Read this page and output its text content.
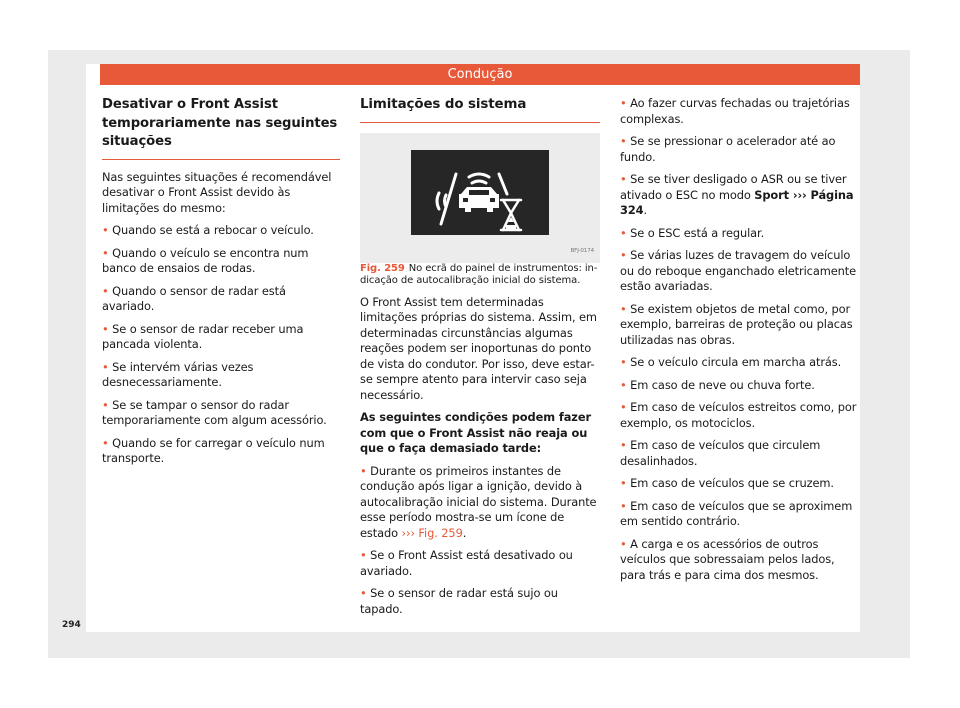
Condução
Desativar o Front Assist temporariamente nas seguintes situações

Nas seguintes situações é recomendável desativar o Front Assist devido às limitações do mesmo:

• Quando se está a rebocar o veículo.

• Quando o veículo se encontra num banco de ensaios de rodas.

• Quando o sensor de radar está avariado.

• Se o sensor de radar receber uma pancada violenta.

• Se intervém várias vezes desnecessariamente.

• Se se tampar o sensor do radar temporariamente com algum acessório.

• Quando se for carregar o veículo num transporte.

Limitações do sistema
BFJ-0174

Fig. 259 No ecrã do painel de instrumentos: indicação de autocalibração inicial do sistema.

O Front Assist tem determinadas limitações próprias do sistema. Assim, em determinadas circunstâncias algumas reações podem ser inoportunas do ponto de vista do condutor. Por isso, deve estar-se sempre atento para intervir caso seja necessário.

As seguintes condições podem fazer com que o Front Assist não reaja ou que o faça demasiado tarde:

• Durante os primeiros instantes de condução após ligar a ignição, devido à autocalibração inicial do sistema. Durante esse período mostra-se um ícone de estado ››› Fig. 259.

• Se o Front Assist está desativado ou avariado.

• Se o sensor de radar está sujo ou tapado.

• Ao fazer curvas fechadas ou trajetórias complexas.

• Se se pressionar o acelerador até ao fundo.

• Se se tiver desligado o ASR ou se tiver ativado o ESC no modo Sport ››› Página 324.

• Se o ESC está a regular.

• Se várias luzes de travagem do veículo ou do reboque enganchado eletricamente estão avariadas.

• Se existem objetos de metal como, por exemplo, barreiras de proteção ou placas utilizadas nas obras.

• Se o veículo circula em marcha atrás.

• Em caso de neve ou chuva forte.

• Em caso de veículos estreitos como, por exemplo, os motociclos.

• Em caso de veículos que circulem desalinhados.

• Em caso de veículos que se cruzem.

• Em caso de veículos que se aproximem em sentido contrário.

• A carga e os acessórios de outros veículos que sobressaiam pelos lados, para trás e para cima dos mesmos.

294
